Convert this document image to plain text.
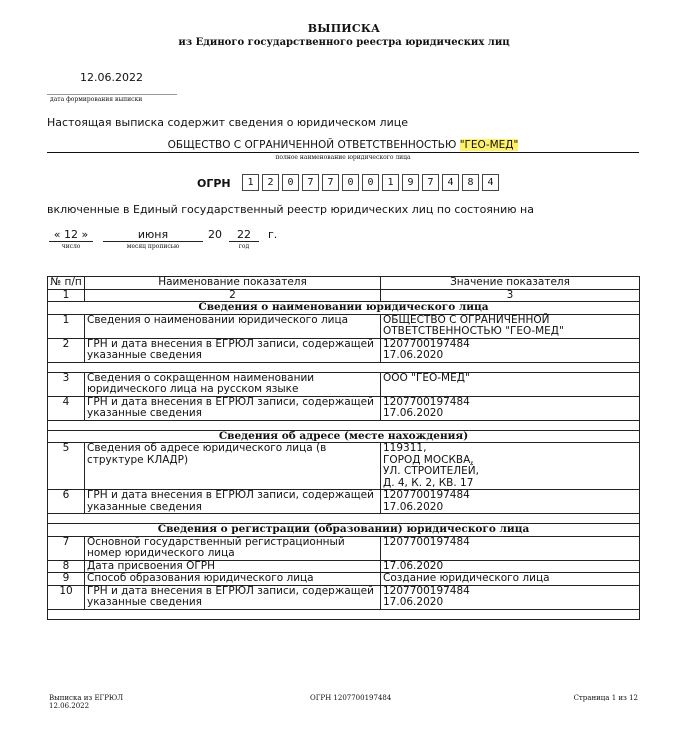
ВЫПИСКА
из Единого государственного реестра юридических лиц
12.06.2022
дата формирования выписки
Настоящая выписка содержит сведения о юридическом лице
ОБЩЕСТВО С ОГРАНИЧЕННОЙ ОТВЕТСТВЕННОСТЬЮ "ГЕО-МЕД"
полное наименование юридического лица
ОГРН	1	2	0	7	7	0	0	1	9	7	4	8	4
включенные в Единый государственный реестр юридических лиц по состоянию на
« 12 »	июня	20	22	г.
число	месяц прописью	год
№ п/п	Наименование показателя	Значение показателя
1	2	3
Сведения о наименовании юридического лица		
1	Сведения о наименовании юридического лица	ОБЩЕСТВО С ОГРАНИЧЕННОЙ ОТВЕТСТВЕННОСТЬЮ "ГЕО-МЕД"
2	ГРН и дата внесения в ЕГРЮЛ записи, содержащей указанные сведения	1207700197484
17.06.2020

3	Сведения о сокращенном наименовании юридического лица на русском языке	ООО "ГЕО-МЕД"
4	ГРН и дата внесения в ЕГРЮЛ записи, содержащей указанные сведения	1207700197484
17.06.2020

Сведения об адресе (месте нахождения)		
5	Сведения об адресе юридического лица (в структуре КЛАДР)	119311,
ГОРОД МОСКВА,
УЛ. СТРОИТЕЛЕЙ,
Д. 4, К. 2, КВ. 17
6	ГРН и дата внесения в ЕГРЮЛ записи, содержащей указанные сведения	1207700197484
17.06.2020

Сведения о регистрации (образовании) юридического лица		
7	Основной государственный регистрационный номер юридического лица	1207700197484
8	Дата присвоения ОГРН	17.06.2020
9	Способ образования юридического лица	Создание юридического лица
10	ГРН и дата внесения в ЕГРЮЛ записи, содержащей указанные сведения	1207700197484
17.06.2020

Выписка из ЕГРЮЛ
12.06.2022
ОГРН 1207700197484	Страница 1 из 12
